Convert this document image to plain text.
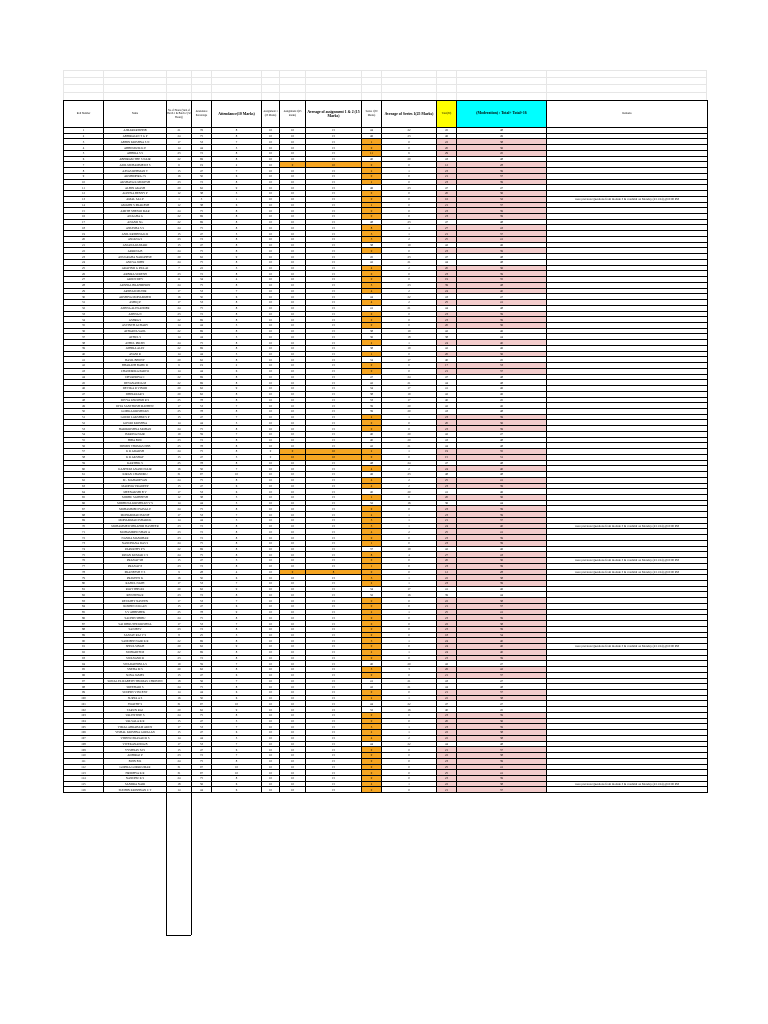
Roll Number	Name	No of Hours (Sum of Batch 1 & Batch 2 (32 Hours))	Attendance Percentage	Attendance(10 Marks)	Assignment 1 (25 Marks)	Assignment 2(25 marks)	Average of assignment 1 & 2 (15 Marks)	Series 1(50 Marks)	Average of Series 1(25 Marks)	Total(50)	(Moderation) : Total+ Total+16	Remarks
1	AJMARKRISHNB	21	76	8	10	10	15	44	22	45	48	
2	ABHIRAJAN T G P	24	75	8	10	10	15	46	23	46	49	
3	ABHIN KRISHNA S N	17	53	7	10	10	15	1	0	22	38	
4	ABHINAVIK K P	14	44	5	10	10	15	0	0	20	36	
5	ABHIRA S S	23	72	8	10	10	15	11	6	29	45	
6	ABHIRAM THE S NAIR	22	69	8	10	10	15	40	20	43	48	
7	ADIL MUHAMMED P S	6	19	2	10	0	10	0	0	12	28	
8	AJNAS REHMAN T	15	47	7	10	10	15	2	1	23	39	
9	AKSHIDHRA J S	16	50	6	10	10	15	0	0	21	37	
10	AKSHAYA K MUKESH	23	72	8	10	10	15	1	0	23	39	
11	ALBIN AKASH	20	62	9	10	10	15	46	23	47	47	
12	ALEENA BENNY P	12	38	5	10	10	15	0	0	20	36	
13	AMAL SAL P	1	3	1	10	10	15	0	0	16	32	were previous Questions from module 3 & 4 submit on Monday (4/11/24) @10:00 PM
14	AMATHI S PRAKESH	12	38	6	10	10	15	1	0	21	37	
15	AMITH SHENOI MAR	24	75	8	10	10	15	0	0	23	39	
16	ANAGHA G	22	69	8	10	10	15	0	0	23	39	
17	ANAND SG	22	69	8	10	10	15	48	23	47	48	
18	ANUISHA S S	24	75	8	10	10	15	8	4	27	43	
19	ANIL KRISHNA K R	15	47	5	10	10	15	3	1	21	37	
20	ANJANA S	23	72	8	10	10	15	3	2	25	41	
21	ANJANA KUMARI	15	47	8	10	10	15	38	19	42	46	
22	APARNA B	24	75	8	10	10	15	0	0	23	39	
23	ANUGRAHA NARGHESE	20	62	9	10	10	15	45	23	47	48	
24	ANUSA JOHN	24	75	8	10	10	15	42	21	44	48	
25	ARAVIND G PILLAI	7	22	3	10	10	15	4	2	20	36	
26	ARBIRA SURESH	23	72	8	10	10	15	0	0	23	39	
27	ARJUN DEV	11	34	4	10	10	15	0	0	19	35	
28	ARSHAL BRAHMERIN	24	75	8	10	10	15	5	23	39	48	
29	ARSHAD MUNIR	17	53	7	10	10	15	4	2	24	40	
30	ARSHIYA MOHAMMED	16	50	6	10	10	15	44	22	43	47	
31	ASHIQ P	17	53	8	10	10	15	4	2	25	41	
32	ASHNA ALEXANDER	24	75	8	10	10	15	41	21	44	48	
33	ASHNA N	23	72	8	10	10	15	0	0	23	39	
34	ASHRA S	22	69	8	10	10	15	0	0	23	39	
35	ASVINTH ACHARY	14	44	5	10	10	15	0	0	20	36	
36	ATHARVA SAJIL	22	69	8	10	10	15	38	19	42	46	
37	ATHUL S	14	44	5	10	10	15	36	18	38	44	
38	ATHUL PRIJIN	24	75	8	10	10	15	2	1	24	40	
39	ATHIRA AJAY	22	69	8	10	10	15	38	19	42	46	
40	AVANI R	14	44	5	10	10	15	1	0	20	36	
41	BASIL BENNY	20	62	8	10	10	15	34	17	40	45	
42	BHARATH BABU R	6	19	2	10	10	15	0	0	17	33	
43	CHANDRIKA PARVO	14	44	6	10	10	15	0	0	21	37	
44	DEVAPRIYA C	22	69	8	10	10	15	47	24	47	48	
45	DEVANANDA M	22	69	8	10	10	15	42	21	44	48	
46	DEVIKA R VINOD	20	62	9	10	10	15	34	17	41	46	
47	DHINAKAR S	20	62	8	10	10	15	38	19	42	46	
48	DIVYA LEKSHMI R S	25	78	8	10	10	15	33	17	40	45	
49	DIYA SANTHOSH MATHEW	17	53	7	10	10	15	39	20	42	46	
50	GOPIKA KRISHNAN	25	78	8	10	10	15	39	20	43	48	
51	GOURI LAKSHMI S P	15	47	7	10	10	15	2	1	23	39	
52	GOWRI KRISHNA	14	44	5	10	10	15	0	0	20	36	
53	HARIKRISHNA MOHAN	24	75	8	10	10	15	0	0	23	39	
54	HARINA NAIR	19	59	7	10	10	15	40	20	42	47	
55	HIBA BIJU	23	72	8	10	10	15	40	20	43	48	
56	ISHMIN THOMAS NEB	25	78	8	10	10	15	42	21	44	48	
57	K R ADARSH	24	75	8	0	0	10	2	1	19	35	
58	K R AKSHAY	15	47	5	0	10	10	0	0	15	31	
59	KARTHIK S	25	78	8	10	10	15	48	24	47	48	
60	KASHYAP ANAND NAIR	16	50	7	10	10	15	4	2	24	40	
61	KIRAN CHANDRU	31	97	10	10	10	15	46	23	48	48	
62	M - MAHADEVAN	24	75	8	10	10	15	4	2	25	41	
63	MADHAV PRADEEP	15	47	6	10	10	15	4	2	23	39	
64	MEENAKSHI B V	17	53	6	10	10	15	40	20	41	46	
65	MIDHU SATHEESH	12	38	5	10	10	15	1	0	20	36	
66	MIDHUNA KRISHNAN V S	14	44	5	10	10	15	32	16	36	44	
67	MOHAMMED FAISAL P	24	75	8	10	10	15	0	0	23	39	
68	MOHAMMAD HANIF	17	53	7	10	10	15	2	1	23	39	
69	MOHAMMAD ISHARUK	14	44	5	10	10	15	3	1	21	37	
70	MOHAMMED SHRAHIM BASHEER	23	72	8	10	10	15	3	1	24	40	were previous Questions from module 3 & 4 submit on Monday (4/11/24) @10:00 PM
71	MOHAMMED SHAN A	23	72	8	10	10	15	4	2	25	41	
72	NANDA MANOHAR	23	72	8	10	10	15	0	0	23	39	
73	NANDHANA DAS S	24	75	8	10	10	15	1	0	23	39	
74	PARVATHY P S	22	69	8	10	10	15	37	19	42	46	
75	PAVAN KUMAR C S	24	75	8	10	10	15	8	4	27	43	
76	PRANAV SB	15	47	5	10	10	15	0	0	20	36	were previous Questions from module 3 & 4 submit on Monday (4/11/24) @10:00 PM
77	PRANAV P	23	72	8	10	10	15	1	0	23	39	
78	PRANEESH V S	9	28	4	10	0	8	0	0	12	28	were previous Questions from module 3 & 4 submit on Monday (4/11/24) @10:00 PM
79	PRAVEEN K	16	50	6	10	10	15	3	1	22	38	
80	RAHUL NATH	17	53	7	10	10	15	2	1	23	39	
81	RAVI THEJAS	20	62	9	10	10	15	34	17	41	46	
82	RENJITHA R	23	72	8	10	10	15	32	16	39	44	
83	REVATHY NAVEEN	17	53	7	10	10	15	0	0	22	38	
84	ROSHIN JOLLAN	15	47	6	10	10	15	0	0	21	37	
85	S V ABHISHEK	25	78	9	10	10	15	2	1	25	41	
86	SACHIN SHIBU	24	75	8	10	10	15	0	0	23	39	
87	SAI DHRUTHI KRISHNA	17	53	7	10	10	15	0	0	22	38	
88	SANJEEV	23	72	8	10	10	15	0	0	23	39	
89	SANJAY RAJ V S	8	25	3	10	10	15	0	0	18	34	
90	SANDEEP NAIR K R	22	69	8	10	10	15	3	1	24	40	
91	SHIVA SINGH	20	62	9	10	10	15	0	0	24	40	were previous Questions from module 3 & 4 submit on Monday (4/11/24) @10:00 PM
92	SIDHARTH M	22	69	8	10	10	15	2	1	24	40	
93	SIVANAND R	23	72	8	10	10	15	0	0	23	39	
94	SIVADATHINI A S	19	59	7	10	10	15	40	20	42	47	
95	SNEHA M S	20	62	8	10	10	15	5	3	26	42	
96	SONA JAMES	15	47	6	10	10	15	0	0	21	37	
97	SONAL ELIZABETH THOMAS CHRISTIN	18	56	7	10	10	15	41	21	43	47	
98	SREEHARI S	24	75	8	10	10	15	42	21	44	48	
99	SUDHIN VINCENT	14	44	6	10	10	15	0	0	21	37	
100	SURYA A S	16	50	6	10	10	15	2	1	22	38	
101	SWATHY S	31	97	10	10	10	15	44	22	47	47	
102	TARUN RAJ	20	62	9	10	10	15	32	16	40	45	
103	VALENTINE S	24	75	8	10	10	15	0	0	23	39	
104	VALSALA K R	15	47	5	10	10	15	0	0	20	36	
105	VIMAL ABRAHAM ARUN	17	53	7	10	10	15	3	1	23	39	
106	VISHAL KRISHNA GOPALAN	15	47	6	10	10	15	2	1	22	38	
107	VISHNU PRASAD R S	14	44	5	10	10	15	4	2	22	38	
108	VIVEKANANDA B	17	53	7	10	10	15	44	22	44	48	
109	VYSHNAV M S	15	47	6	10	10	15	0	0	21	37	
110	ADHIRAJ P	23	72	7	10	10	15	0	0	22	38	
111	BIJIN B R	24	75	8	10	10	15	0	0	23	39	
112	GOPIKA GOPAKUMAR	31	97	10	10	10	15	0	0	25	41	
113	HRIDHYA K R	31	97	10	10	10	15	0	0	25	41	
114	NANDHU K S	24	75	8	10	10	15	0	0	23	39	
115	SANDRA NAIR	18	56	6	10	10	15	2	1	22	38	were previous Questions from module 3 & 4 submit on Monday (4/11/24) @10:00 PM
116	SUDHIN KRISHNAN C T	14	44	6	10	10	15	0	0	21	37	
